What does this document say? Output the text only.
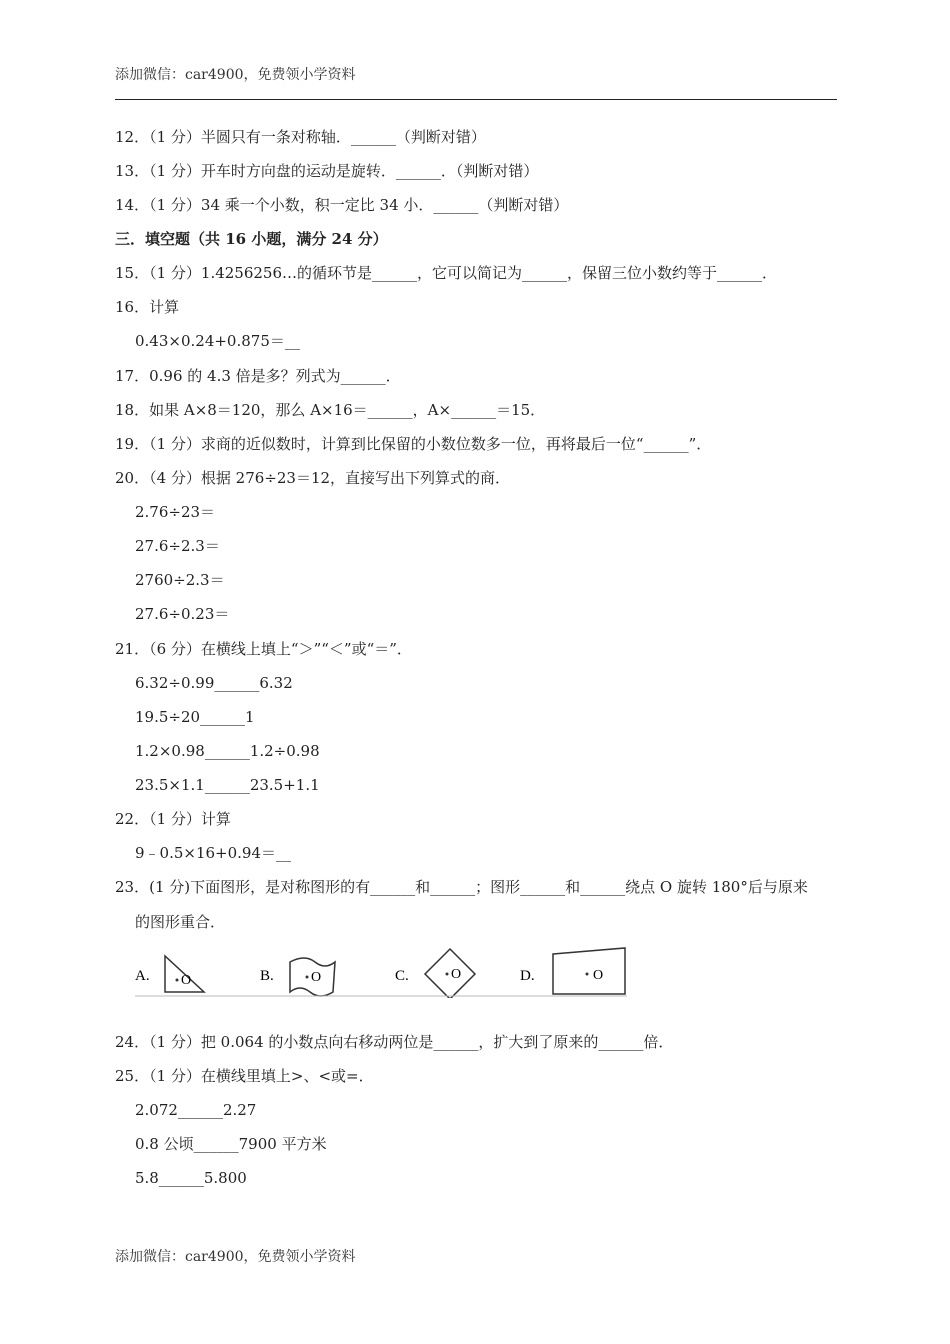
添加微信：car4900，免费领小学资料
12．（1 分）半圆只有一条对称轴．______（判断对错）
13．（1 分）开车时方向盘的运动是旋转．______．（判断对错）
14．（1 分）34 乘一个小数，积一定比 34 小．______（判断对错）
三．填空题（共 16 小题，满分 24 分）
15．（1 分）1.4256256…的循环节是______，它可以简记为______，保留三位小数约等于______．
16．计算
0.43×0.24+0.875＝__
17．0.96 的 4.3 倍是多？列式为______．
18．如果 A×8＝120，那么 A×16＝______，A×______＝15．
19．（1 分）求商的近似数时，计算到比保留的小数位数多一位，再将最后一位“______”．
20．（4 分）根据 276÷23＝12，直接写出下列算式的商．
2.76÷23＝
27.6÷2.3＝
2760÷2.3＝
27.6÷0.23＝
21．（6 分）在横线上填上“＞”“＜”或“＝”．
6.32÷0.99______6.32
19.5÷20______1
1.2×0.98______1.2÷0.98
23.5×1.1______23.5+1.1
22．（1 分）计算
9﹣0.5×16+0.94＝__
23．(1 分)下面图形，是对称图形的有______和______；图形______和______绕点 O 旋转 180°后与原来
的图形重合．
A.	B.	C.	D.
O	O	O	O
24．（1 分）把 0.064 的小数点向右移动两位是______，扩大到了原来的______倍．
25．（1 分）在横线里填上>、<或=．
2.072______2.27
0.8 公顷______7900 平方米
5.8______5.800
添加微信：car4900，免费领小学资料
